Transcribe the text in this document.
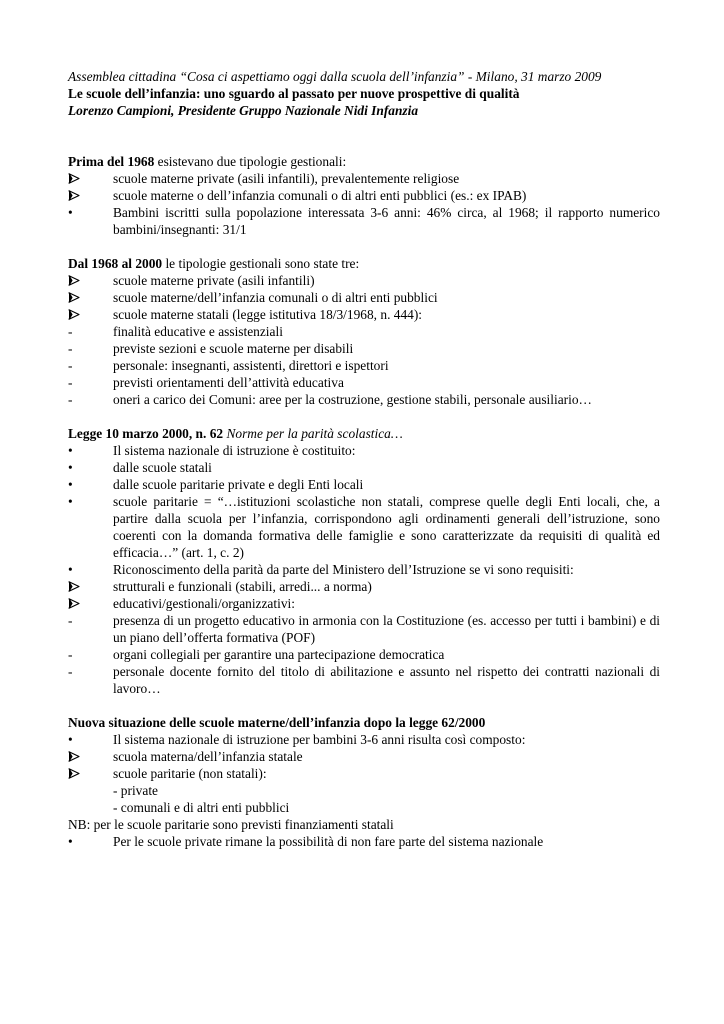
Assemblea cittadina “Cosa ci aspettiamo oggi dalla scuola dell’infanzia” - Milano, 31 marzo 2009
Le scuole dell’infanzia: uno sguardo al passato per nuove prospettive di qualità
Lorenzo Campioni, Presidente Gruppo Nazionale Nidi Infanzia
Prima del 1968 esistevano due tipologie gestionali:
scuole materne private (asili infantili), prevalentemente religiose
scuole materne o dell’infanzia comunali o di altri enti pubblici (es.: ex IPAB)
•	Bambini iscritti sulla popolazione interessata 3-6 anni: 46% circa, al 1968; il rapporto numerico bambini/insegnanti: 31/1
Dal 1968 al 2000 le tipologie gestionali sono state tre:
scuole materne private (asili infantili)
scuole materne/dell’infanzia comunali o di altri enti pubblici
scuole materne statali (legge istitutiva 18/3/1968, n. 444):
-	finalità educative e assistenziali
-	previste sezioni e scuole materne per disabili
-	personale: insegnanti, assistenti, direttori e ispettori
-	previsti orientamenti dell’attività educativa
-	oneri a carico dei Comuni: aree per la costruzione, gestione stabili, personale ausiliario…
Legge 10 marzo 2000, n. 62 Norme per la parità scolastica…
•	Il sistema nazionale di istruzione è costituito:
•	dalle scuole statali
•	dalle scuole paritarie private e degli Enti locali
•	scuole paritarie = “…istituzioni scolastiche non statali, comprese quelle degli Enti locali, che, a partire dalla scuola per l’infanzia, corrispondono agli ordinamenti generali dell’istruzione, sono coerenti con la domanda formativa delle famiglie e sono caratterizzate da requisiti di qualità ed efficacia…” (art. 1, c. 2)
•	Riconoscimento della parità da parte del Ministero dell’Istruzione se vi sono requisiti:
strutturali e funzionali (stabili, arredi... a norma)
educativi/gestionali/organizzativi:
-	presenza di un progetto educativo in armonia con la Costituzione (es. accesso per tutti i bambini) e di un piano dell’offerta formativa (POF)
-	organi collegiali per garantire una partecipazione democratica
-	personale docente fornito del titolo di abilitazione e assunto nel rispetto dei contratti nazionali di lavoro…
Nuova situazione delle scuole materne/dell’infanzia dopo la legge 62/2000
•	Il sistema nazionale di istruzione per bambini 3-6 anni risulta così composto:
scuola materna/dell’infanzia statale
scuole paritarie (non statali):
- private
- comunali e di altri enti pubblici
NB: per le scuole paritarie sono previsti finanziamenti statali
•	Per le scuole private rimane la possibilità di non fare parte del sistema nazionale
